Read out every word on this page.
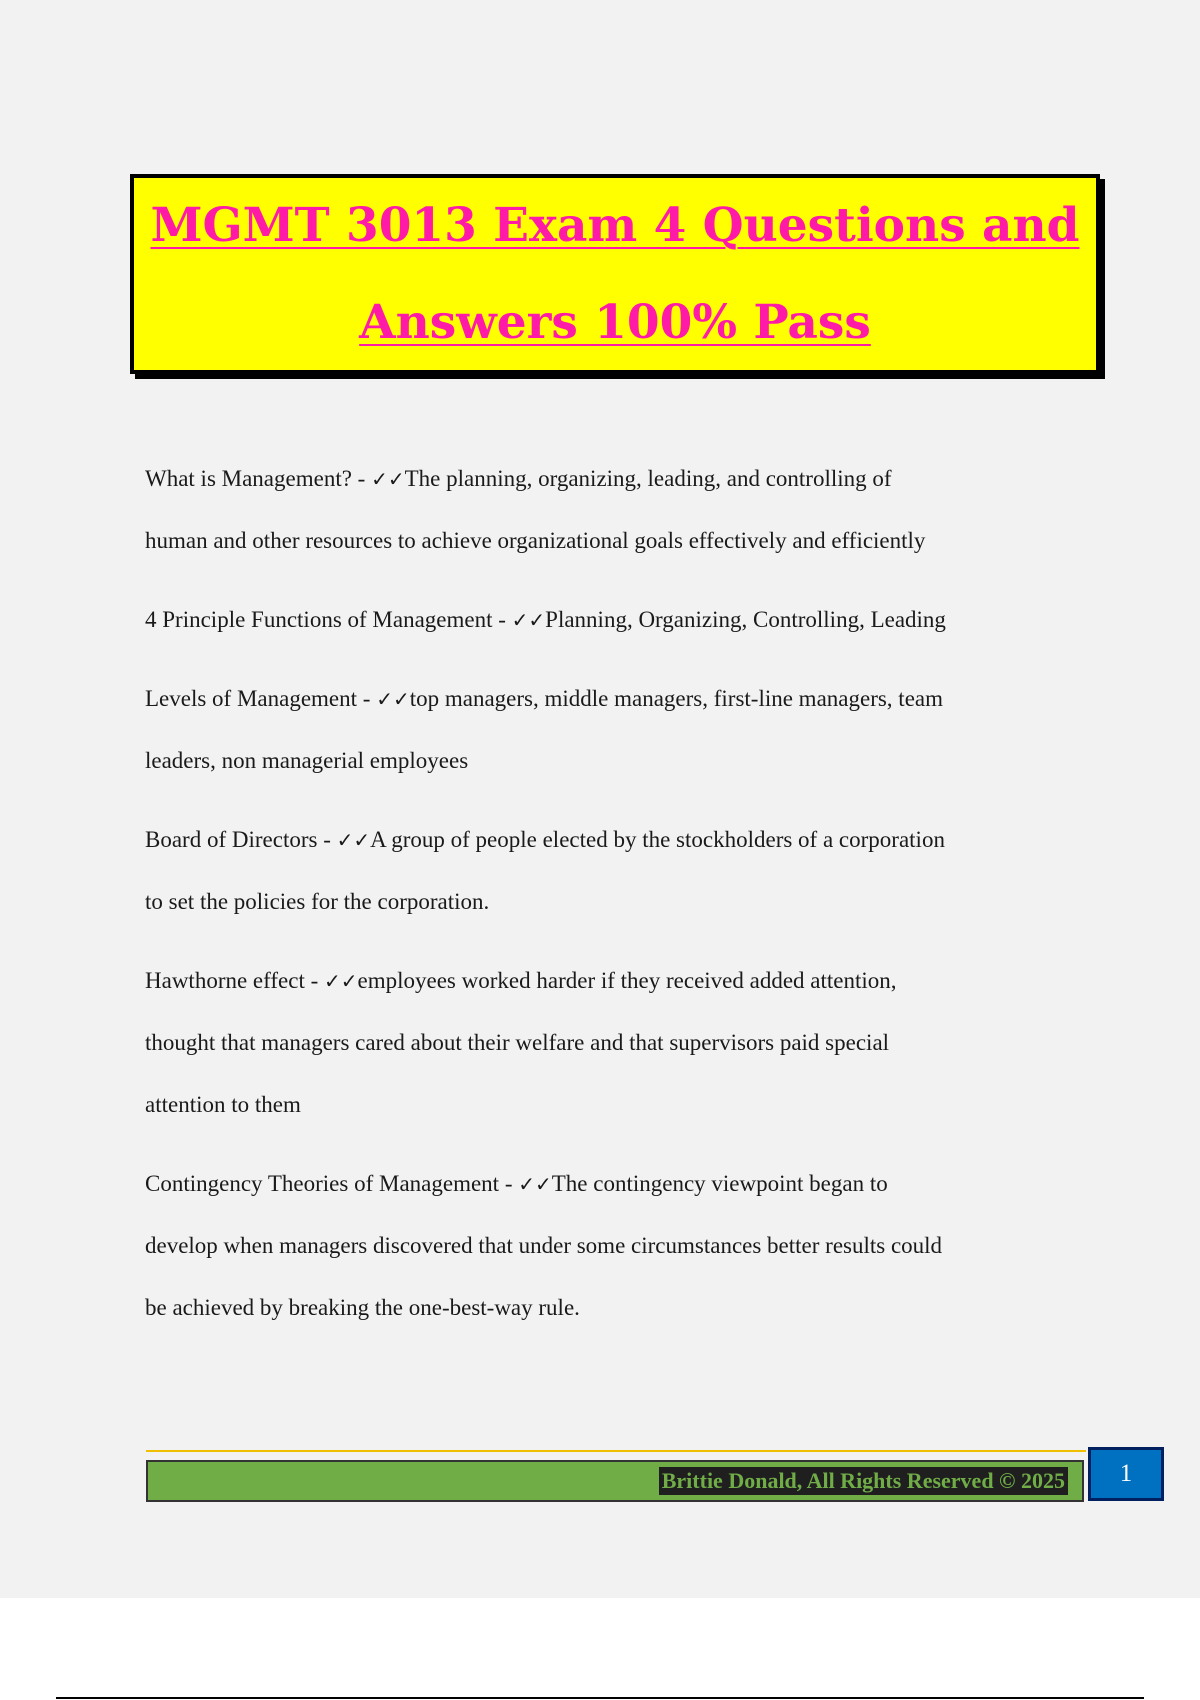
MGMT 3013 Exam 4 Questions and
Answers 100% Pass

What is Management? - ✓✓The planning, organizing, leading, and controlling of
human and other resources to achieve organizational goals effectively and efficiently

4 Principle Functions of Management - ✓✓Planning, Organizing, Controlling, Leading

Levels of Management - ✓✓top managers, middle managers, first-line managers, team
leaders, non managerial employees

Board of Directors - ✓✓A group of people elected by the stockholders of a corporation
to set the policies for the corporation.

Hawthorne effect - ✓✓employees worked harder if they received added attention,
thought that managers cared about their welfare and that supervisors paid special
attention to them

Contingency Theories of Management - ✓✓The contingency viewpoint began to
develop when managers discovered that under some circumstances better results could
be achieved by breaking the one-best-way rule.

Brittie Donald, All Rights Reserved © 2025	1
